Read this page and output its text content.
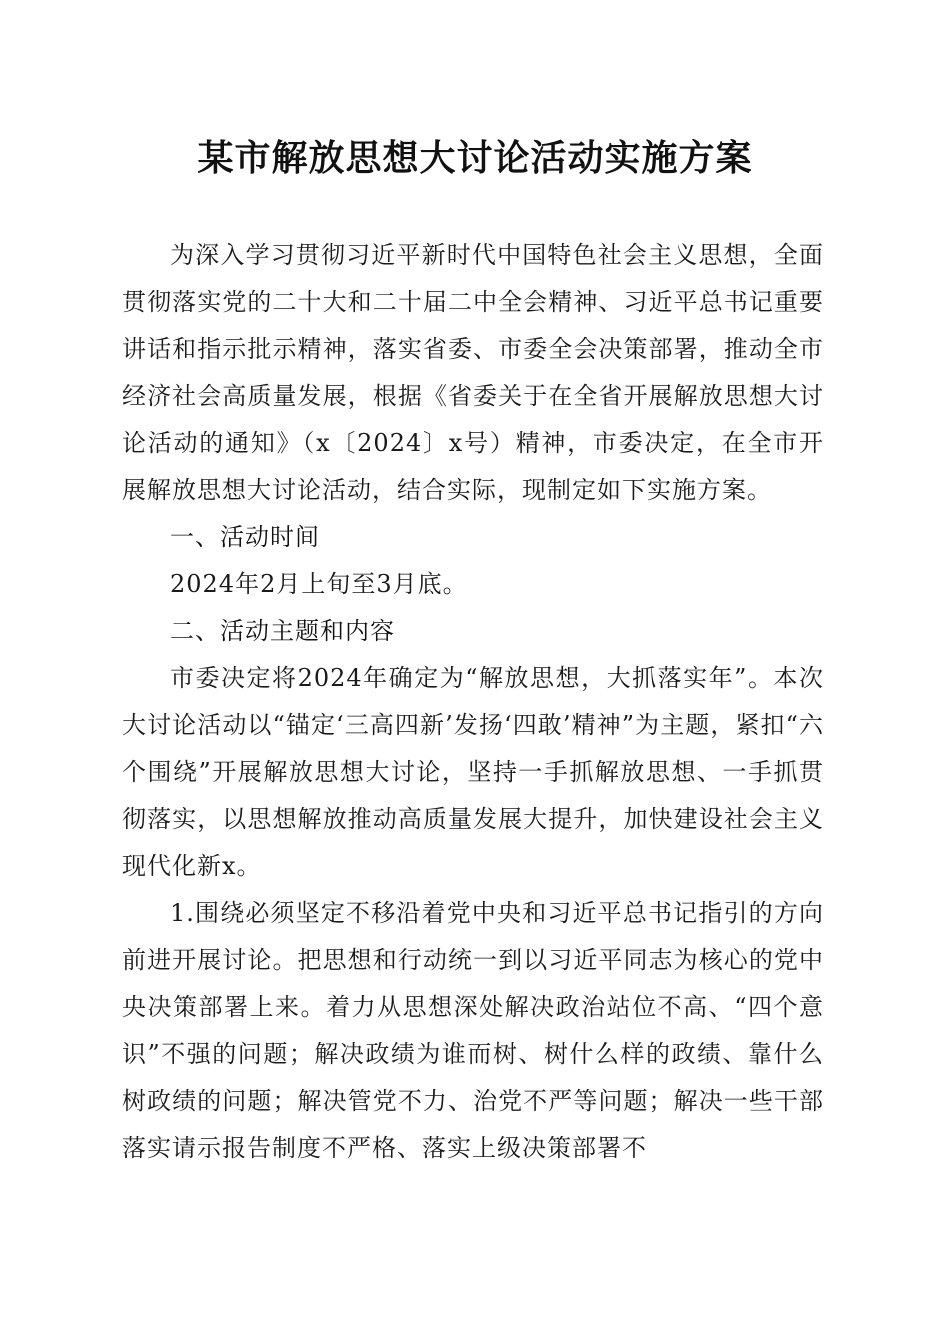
某市解放思想大讨论活动实施方案

为深入学习贯彻习近平新时代中国特色社会主义思想，全面贯彻落实党的二十大和二十届二中全会精神、习近平总书记重要讲话和指示批示精神，落实省委、市委全会决策部署，推动全市经济社会高质量发展，根据《省委关于在全省开展解放思想大讨论活动的通知》（x〔2024〕x号）精神，市委决定，在全市开展解放思想大讨论活动，结合实际，现制定如下实施方案。

一、活动时间

2024年2月上旬至3月底。

二、活动主题和内容

市委决定将2024年确定为“解放思想，大抓落实年”。本次大讨论活动以“锚定‘三高四新’发扬‘四敢’精神”为主题，紧扣“六个围绕”开展解放思想大讨论，坚持一手抓解放思想、一手抓贯彻落实，以思想解放推动高质量发展大提升，加快建设社会主义现代化新x。

1.围绕必须坚定不移沿着党中央和习近平总书记指引的方向前进开展讨论。把思想和行动统一到以习近平同志为核心的党中央决策部署上来。着力从思想深处解决政治站位不高、“四个意识”不强的问题；解决政绩为谁而树、树什么样的政绩、靠什么树政绩的问题；解决管党不力、治党不严等问题；解决一些干部落实请示报告制度不严格、落实上级决策部署不
